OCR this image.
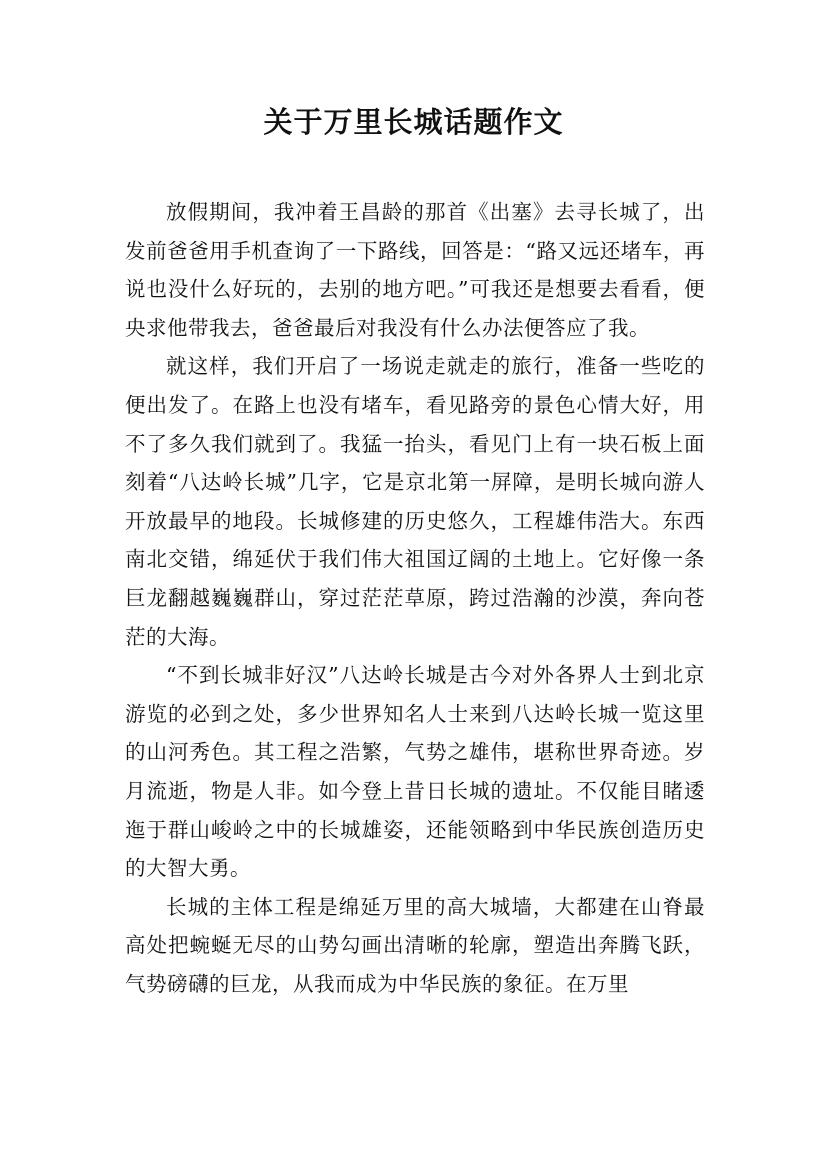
关于万里长城话题作文

放假期间，我冲着王昌龄的那首《出塞》去寻长城了，出发前爸爸用手机查询了一下路线，回答是：“路又远还堵车，再说也没什么好玩的，去别的地方吧。”可我还是想要去看看，便央求他带我去，爸爸最后对我没有什么办法便答应了我。

就这样，我们开启了一场说走就走的旅行，准备一些吃的便出发了。在路上也没有堵车，看见路旁的景色心情大好，用不了多久我们就到了。我猛一抬头，看见门上有一块石板上面刻着“八达岭长城”几字，它是京北第一屏障，是明长城向游人开放最早的地段。长城修建的历史悠久，工程雄伟浩大。东西南北交错，绵延伏于我们伟大祖国辽阔的土地上。它好像一条巨龙翻越巍巍群山，穿过茫茫草原，跨过浩瀚的沙漠，奔向苍茫的大海。

“不到长城非好汉”八达岭长城是古今对外各界人士到北京游览的必到之处，多少世界知名人士来到八达岭长城一览这里的山河秀色。其工程之浩繁，气势之雄伟，堪称世界奇迹。岁月流逝，物是人非。如今登上昔日长城的遗址。不仅能目睹逶迤于群山峻岭之中的长城雄姿，还能领略到中华民族创造历史的大智大勇。

长城的主体工程是绵延万里的高大城墙，大都建在山脊最高处把蜿蜒无尽的山势勾画出清晰的轮廓，塑造出奔腾飞跃，气势磅礴的巨龙，从我而成为中华民族的象征。在万里
